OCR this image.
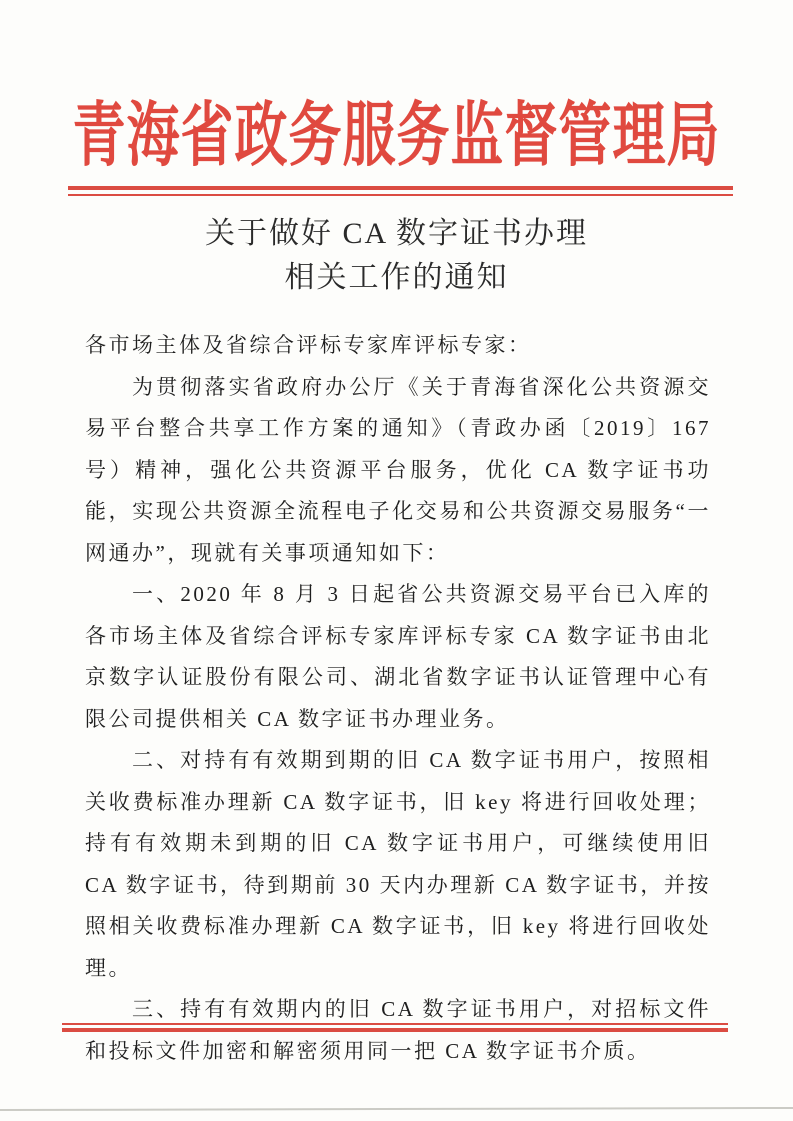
青海省政务服务监督管理局
关于做好 CA 数字证书办理
相关工作的通知

各市场主体及省综合评标专家库评标专家：

为贯彻落实省政府办公厅《关于青海省深化公共资源交易平台整合共享工作方案的通知》（青政办函〔2019〕167 号）精神，强化公共资源平台服务，优化 CA 数字证书功能，实现公共资源全流程电子化交易和公共资源交易服务“一网通办”，现就有关事项通知如下：

一、2020 年 8 月 3 日起省公共资源交易平台已入库的各市场主体及省综合评标专家库评标专家 CA 数字证书由北京数字认证股份有限公司、湖北省数字证书认证管理中心有限公司提供相关 CA 数字证书办理业务。

二、对持有有效期到期的旧 CA 数字证书用户，按照相关收费标准办理新 CA 数字证书，旧 key 将进行回收处理；持有有效期未到期的旧 CA 数字证书用户，可继续使用旧 CA 数字证书，待到期前 30 天内办理新 CA 数字证书，并按照相关收费标准办理新 CA 数字证书，旧 key 将进行回收处理。

三、持有有效期内的旧 CA 数字证书用户，对招标文件和投标文件加密和解密须用同一把 CA 数字证书介质。
